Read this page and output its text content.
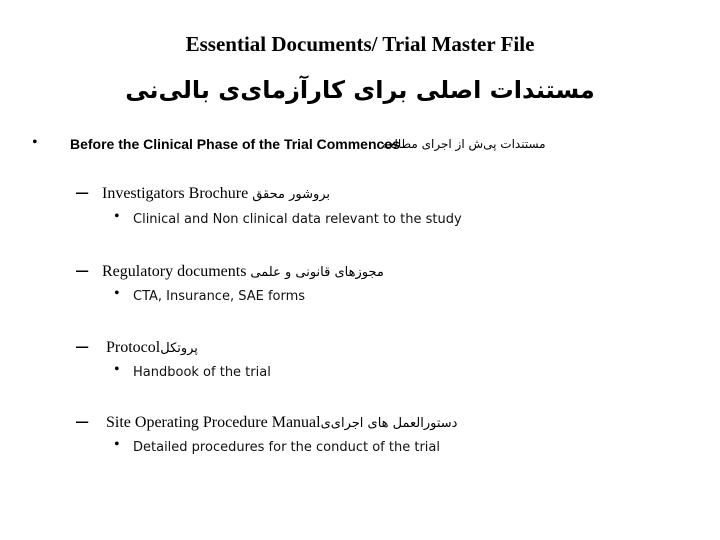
Essential Documents/ Trial Master File
مستندات اصلی برای کارآزمای‌ی بالی‌نی
• Before the Clinical Phase of the Trial Commences
مستندات پی‌ش از اجرای مطالعه
– Investigators Brochure بروشور محقق
• Clinical and Non clinical data relevant to the study
– Regulatory documents مجوزهای قانونی و علمی
• CTA, Insurance, SAE forms
– Protocolپروتکل
• Handbook of the trial
– Site Operating Procedure Manualدستورالعمل های اجرای‌ی
• Detailed procedures for the conduct of the trial
